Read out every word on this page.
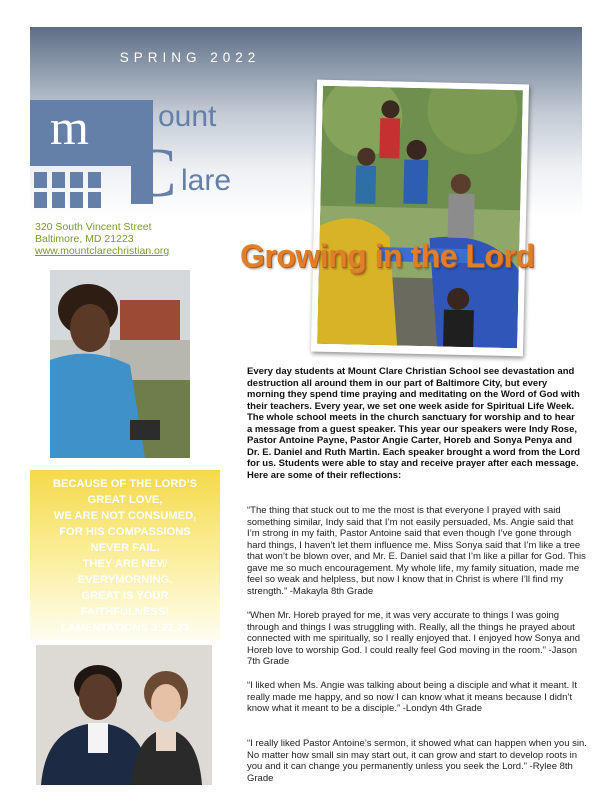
SPRING 2022
m ount
C lare
320 South Vincent Street
Baltimore, MD 21223
www.mountclarechristian.org Growing in the Lord
BECAUSE OF THE LORD’S
GREAT LOVE,
WE ARE NOT CONSUMED,
FOR HIS COMPASSIONS
NEVER FAIL.
THEY ARE NEW
EVERYMORNING.
GREAT IS YOUR
FAITHFULNESS!
LAMENTATIONS 3:22,23
Every day students at Mount Clare Christian School see devastation and destruction all around them in our part of Baltimore City, but every morning they spend time praying and meditating on the Word of God with their teachers. Every year, we set one week aside for Spiritual Life Week. The whole school meets in the church sanctuary for worship and to hear a message from a guest speaker. This year our speakers were Indy Rose, Pastor Antoine Payne, Pastor Angie Carter, Horeb and Sonya Penya and Dr. E. Daniel and Ruth Martin. Each speaker brought a word from the Lord for us. Students were able to stay and receive prayer after each message. Here are some of their reflections:
“The thing that stuck out to me the most is that everyone I prayed with said something similar, Indy said that I’m not easily persuaded, Ms. Angie said that I’m strong in my faith, Pastor Antoine said that even though I’ve gone through hard things, I haven’t let them influence me. Miss Sonya said that I’m like a tree that won’t be blown over, and Mr. E. Daniel said that I’m like a pillar for God. This gave me so much encouragement. My whole life, my family situation, made me feel so weak and helpless, but now I know that in Christ is where I’ll find my strength.” -Makayla 8th Grade
“When Mr. Horeb prayed for me, it was very accurate to things I was going through and things I was struggling with. Really, all the things he prayed about connected with me spiritually, so I really enjoyed that. I enjoyed how Sonya and Horeb love to worship God. I could really feel God moving in the room.” -Jason 7th Grade
“I liked when Ms. Angie was talking about being a disciple and what it meant. It really made me happy, and so now I can know what it means because I didn’t know what it meant to be a disciple.” -Londyn 4th Grade
“I really liked Pastor Antoine’s sermon, it showed what can happen when you sin. No matter how small sin may start out, it can grow and start to develop roots in you and it can change you permanently unless you seek the Lord.” -Rylee 8th Grade
